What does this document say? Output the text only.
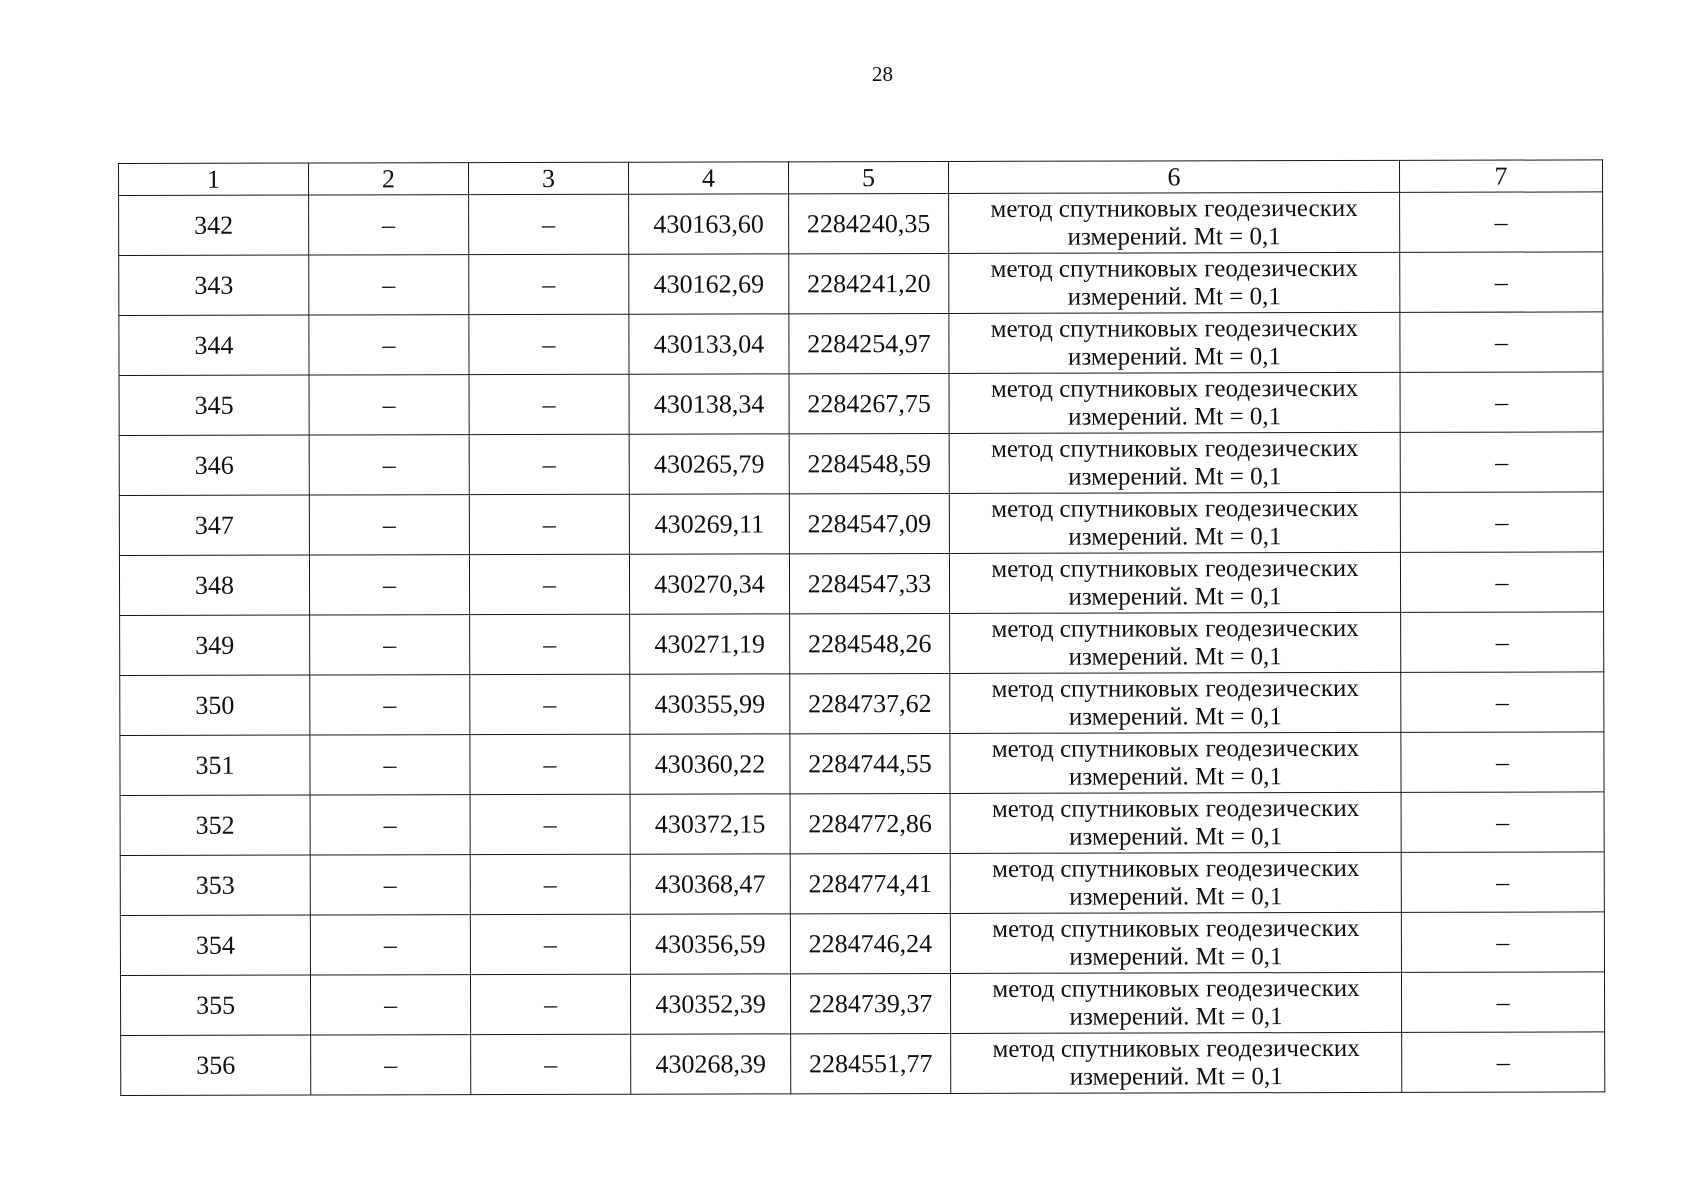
28
1	2	3	4	5	6	7
342	–	–	430163,60	2284240,35	метод спутниковых геодезических измерений. Mt = 0,1	–
343	–	–	430162,69	2284241,20	метод спутниковых геодезических измерений. Mt = 0,1	–
344	–	–	430133,04	2284254,97	метод спутниковых геодезических измерений. Mt = 0,1	–
345	–	–	430138,34	2284267,75	метод спутниковых геодезических измерений. Mt = 0,1	–
346	–	–	430265,79	2284548,59	метод спутниковых геодезических измерений. Mt = 0,1	–
347	–	–	430269,11	2284547,09	метод спутниковых геодезических измерений. Mt = 0,1	–
348	–	–	430270,34	2284547,33	метод спутниковых геодезических измерений. Mt = 0,1	–
349	–	–	430271,19	2284548,26	метод спутниковых геодезических измерений. Mt = 0,1	–
350	–	–	430355,99	2284737,62	метод спутниковых геодезических измерений. Mt = 0,1	–
351	–	–	430360,22	2284744,55	метод спутниковых геодезических измерений. Mt = 0,1	–
352	–	–	430372,15	2284772,86	метод спутниковых геодезических измерений. Mt = 0,1	–
353	–	–	430368,47	2284774,41	метод спутниковых геодезических измерений. Mt = 0,1	–
354	–	–	430356,59	2284746,24	метод спутниковых геодезических измерений. Mt = 0,1	–
355	–	–	430352,39	2284739,37	метод спутниковых геодезических измерений. Mt = 0,1	–
356	–	–	430268,39	2284551,77	метод спутниковых геодезических измерений. Mt = 0,1	–
